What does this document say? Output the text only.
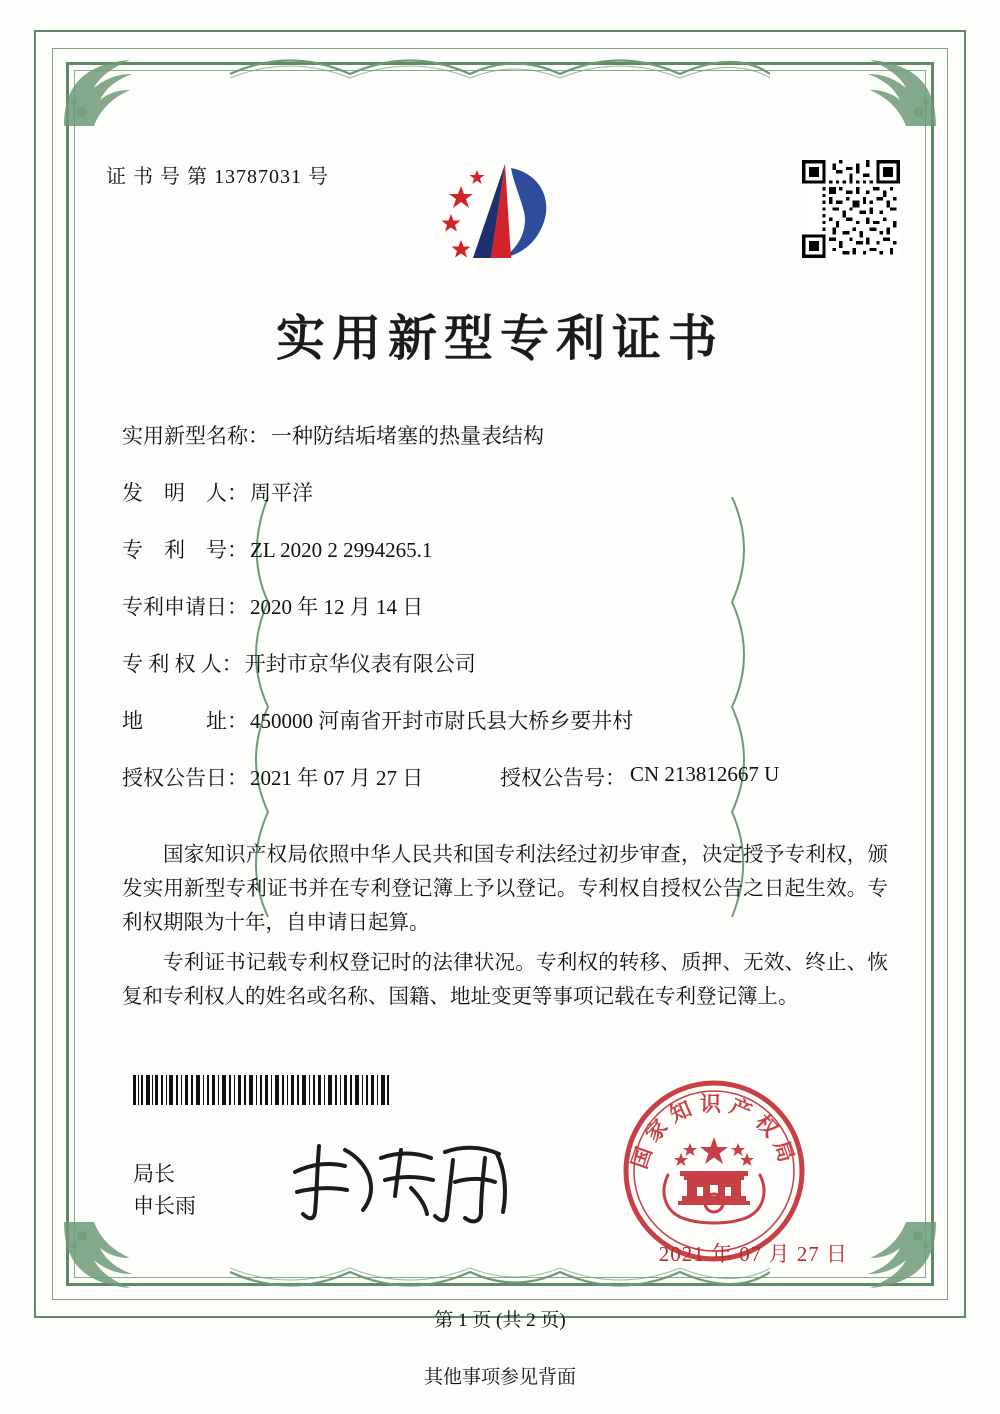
证 书 号 第 13787031 号
实用新型专利证书
实用新型名称： 一种防结垢堵塞的热量表结构
发　明　人： 周平洋
专　利　号： ZL 2020 2 2994265.1
专利申请日： 2020 年 12 月 14 日
专 利 权 人： 开封市京华仪表有限公司
地　　　址： 450000 河南省开封市尉氏县大桥乡要井村
授权公告日： 2021 年 07 月 27 日	授权公告号： CN 213812667 U

国家知识产权局依照中华人民共和国专利法经过初步审查，决定授予专利权，颁发实用新型专利证书并在专利登记簿上予以登记。专利权自授权公告之日起生效。专利权期限为十年，自申请日起算。

专利证书记载专利权登记时的法律状况。专利权的转移、质押、无效、终止、恢复和专利权人的姓名或名称、国籍、地址变更等事项记载在专利登记簿上。

局长
申长雨
国家知识产权局
2021 年 07 月 27 日
第 1 页 (共 2 页)
其他事项参见背面
